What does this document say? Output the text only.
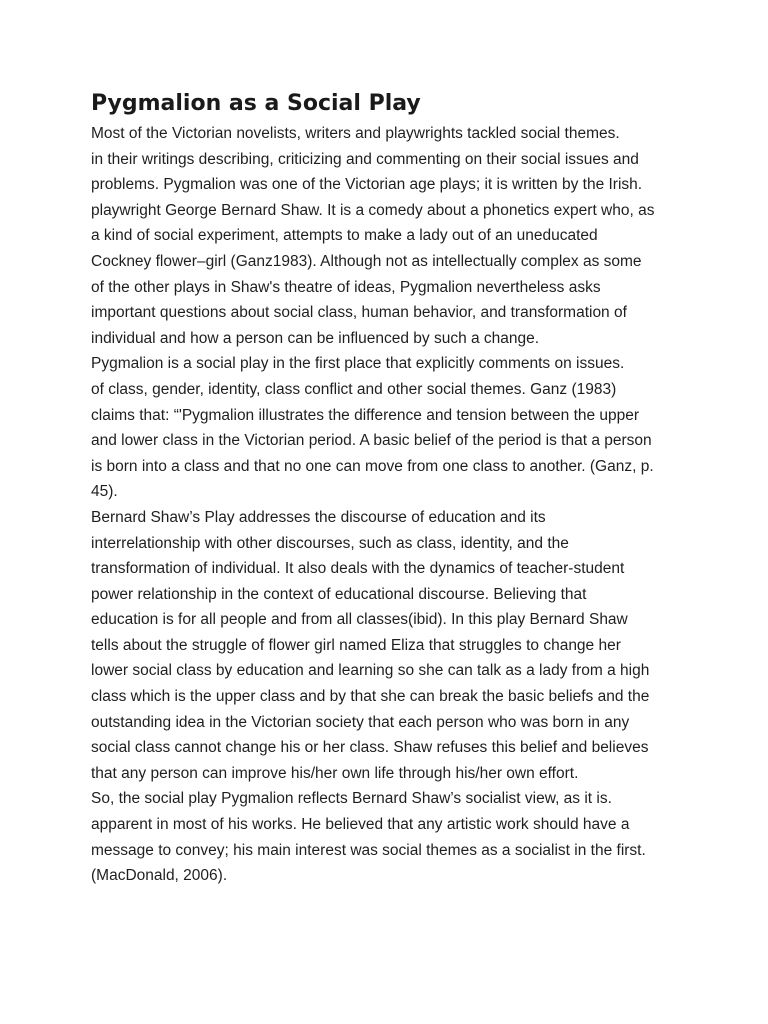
Pygmalion as a Social Play
Most of the Victorian novelists, writers and playwrights tackled social themes.
in their writings describing, criticizing and commenting on their social issues and
problems. Pygmalion was one of the Victorian age plays; it is written by the Irish.
playwright George Bernard Shaw. It is a comedy about a phonetics expert who, as
a kind of social experiment, attempts to make a lady out of an uneducated
Cockney flower–girl (Ganz1983). Although not as intellectually complex as some
of the other plays in Shaw's theatre of ideas, Pygmalion nevertheless asks
important questions about social class, human behavior, and transformation of
individual and how a person can be influenced by such a change.
Pygmalion is a social play in the first place that explicitly comments on issues.
of class, gender, identity, class conflict and other social themes. Ganz (1983)
claims that: “'Pygmalion illustrates the difference and tension between the upper
and lower class in the Victorian period. A basic belief of the period is that a person
is born into a class and that no one can move from one class to another. (Ganz, p.
45).
Bernard Shaw’s Play addresses the discourse of education and its
interrelationship with other discourses, such as class, identity, and the
transformation of individual. It also deals with the dynamics of teacher-student
power relationship in the context of educational discourse. Believing that
education is for all people and from all classes(ibid). In this play Bernard Shaw
tells about the struggle of flower girl named Eliza that struggles to change her
lower social class by education and learning so she can talk as a lady from a high
class which is the upper class and by that she can break the basic beliefs and the
outstanding idea in the Victorian society that each person who was born in any
social class cannot change his or her class. Shaw refuses this belief and believes
that any person can improve his/her own life through his/her own effort.
So, the social play Pygmalion reflects Bernard Shaw’s socialist view, as it is.
apparent in most of his works. He believed that any artistic work should have a
message to convey; his main interest was social themes as a socialist in the first.
(MacDonald, 2006).
